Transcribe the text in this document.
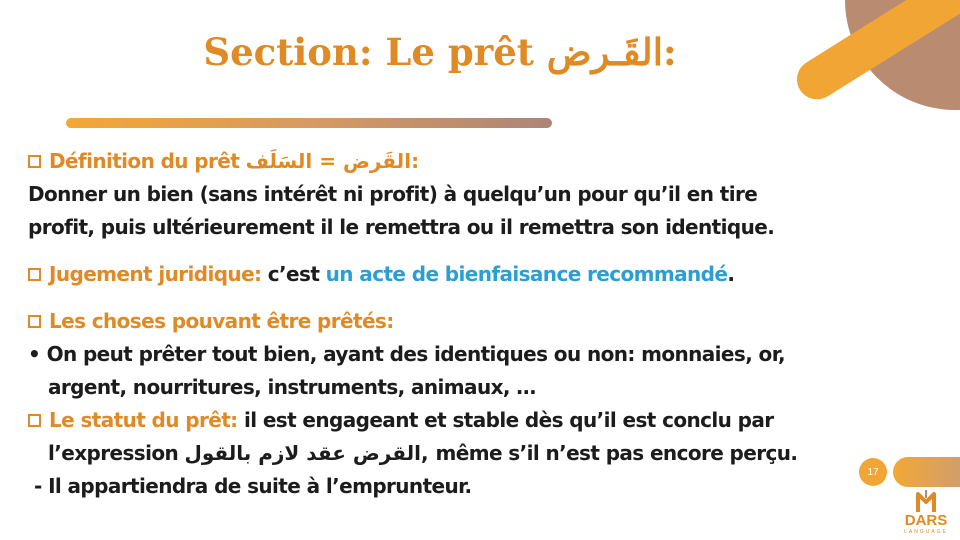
Section: Le prêt القَـرض:
Définition du prêt القَرض = السَلَف:
Donner un bien (sans intérêt ni profit) à quelqu’un pour qu’il en tire
profit, puis ultérieurement il le remettra ou il remettra son identique.
Jugement juridique: c’est un acte de bienfaisance recommandé.
Les choses pouvant être prêtés:
• On peut prêter tout bien, ayant des identiques ou non: monnaies, or,
argent, nourritures, instruments, animaux, …
Le statut du prêt: il est engageant et stable dès qu’il est conclu par
l’expression القرض عقد لازم بالقول, même s’il n’est pas encore perçu.
- Il appartiendra de suite à l’emprunteur.
17
DARS
LANGUAGE
